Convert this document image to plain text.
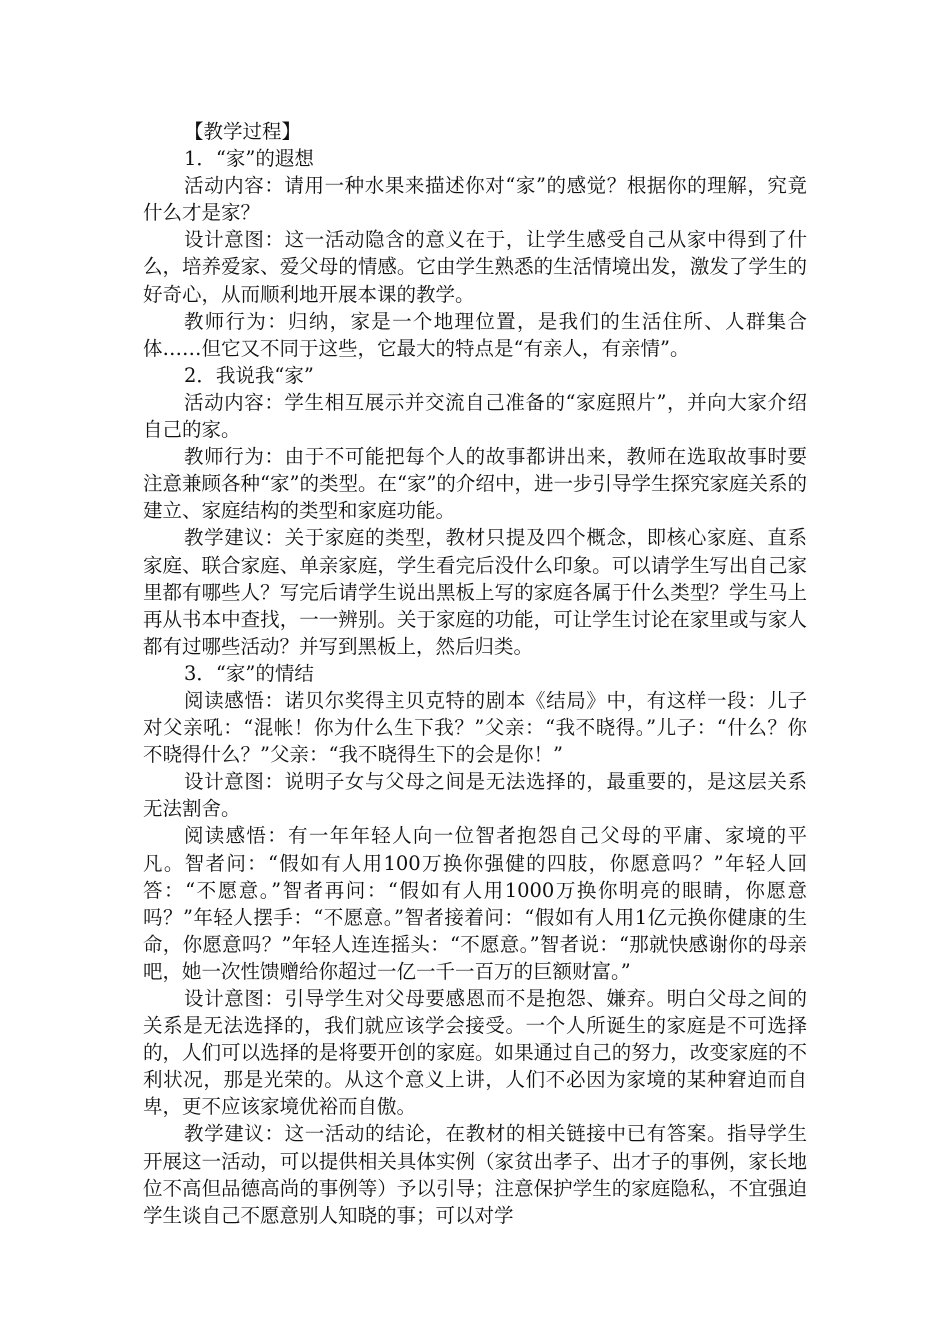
【教学过程】

1．“家”的遐想

活动内容：请用一种水果来描述你对“家”的感觉？根据你的理解，究竟什么才是家？

设计意图：这一活动隐含的意义在于，让学生感受自己从家中得到了什么，培养爱家、爱父母的情感。它由学生熟悉的生活情境出发，激发了学生的好奇心，从而顺利地开展本课的教学。

教师行为：归纳，家是一个地理位置，是我们的生活住所、人群集合体……但它又不同于这些，它最大的特点是“有亲人，有亲情”。

2．我说我“家”

活动内容：学生相互展示并交流自己准备的“家庭照片”，并向大家介绍自己的家。

教师行为：由于不可能把每个人的故事都讲出来，教师在选取故事时要注意兼顾各种“家”的类型。在“家”的介绍中，进一步引导学生探究家庭关系的建立、家庭结构的类型和家庭功能。

教学建议：关于家庭的类型，教材只提及四个概念，即核心家庭、直系家庭、联合家庭、单亲家庭，学生看完后没什么印象。可以请学生写出自己家里都有哪些人？写完后请学生说出黑板上写的家庭各属于什么类型？学生马上再从书本中查找，一一辨别。关于家庭的功能，可让学生讨论在家里或与家人都有过哪些活动？并写到黑板上，然后归类。

3．“家”的情结

阅读感悟：诺贝尔奖得主贝克特的剧本《结局》中，有这样一段：儿子对父亲吼：“混帐！你为什么生下我？”父亲：“我不晓得。”儿子：“什么？你不晓得什么？”父亲：“我不晓得生下的会是你！”

设计意图：说明子女与父母之间是无法选择的，最重要的，是这层关系无法割舍。

阅读感悟：有一年年轻人向一位智者抱怨自己父母的平庸、家境的平凡。智者问：“假如有人用100万换你强健的四肢，你愿意吗？”年轻人回答：“不愿意。”智者再问：“假如有人用1000万换你明亮的眼睛，你愿意吗？”年轻人摆手：“不愿意。”智者接着问：“假如有人用1亿元换你健康的生命，你愿意吗？”年轻人连连摇头：“不愿意。”智者说：“那就快感谢你的母亲吧，她一次性馈赠给你超过一亿一千一百万的巨额财富。”

设计意图：引导学生对父母要感恩而不是抱怨、嫌弃。明白父母之间的关系是无法选择的，我们就应该学会接受。一个人所诞生的家庭是不可选择的，人们可以选择的是将要开创的家庭。如果通过自己的努力，改变家庭的不利状况，那是光荣的。从这个意义上讲，人们不必因为家境的某种窘迫而自卑，更不应该家境优裕而自傲。

教学建议：这一活动的结论，在教材的相关链接中已有答案。指导学生开展这一活动，可以提供相关具体实例（家贫出孝子、出才子的事例，家长地位不高但品德高尚的事例等）予以引导；注意保护学生的家庭隐私，不宜强迫学生谈自己不愿意别人知晓的事；可以对学
